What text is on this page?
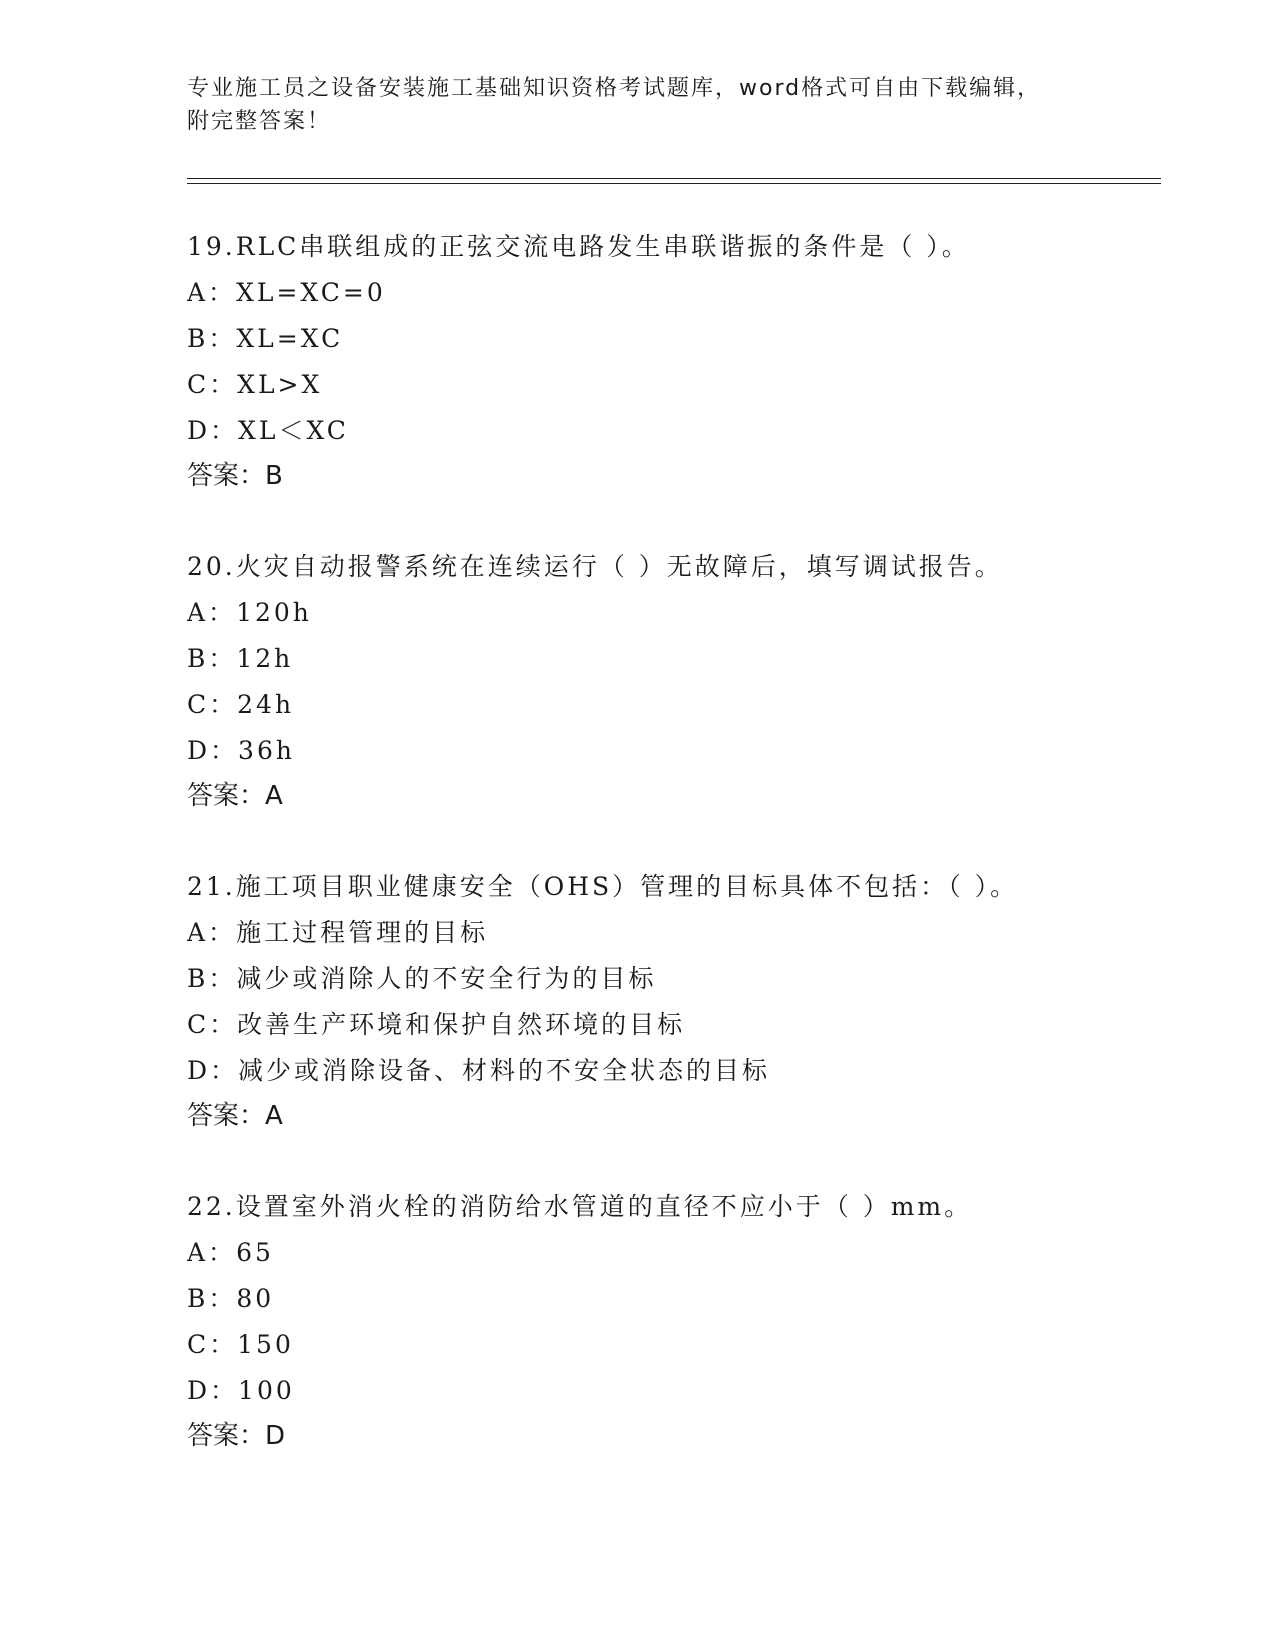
专业施工员之设备安装施工基础知识资格考试题库，word格式可自由下载编辑，
附完整答案！
19.RLC串联组成的正弦交流电路发生串联谐振的条件是（ ）。
A：XL=XC=0
B：XL=XC
C：XL>X
D：XL＜XC
答案：B
20.火灾自动报警系统在连续运行（ ）无故障后，填写调试报告。
A：120h
B：12h
C：24h
D：36h
答案：A
21.施工项目职业健康安全（OHS）管理的目标具体不包括：（ ）。
A：施工过程管理的目标
B：减少或消除人的不安全行为的目标
C：改善生产环境和保护自然环境的目标
D：减少或消除设备、材料的不安全状态的目标
答案：A
22.设置室外消火栓的消防给水管道的直径不应小于（ ）mm。
A：65
B：80
C：150
D：100
答案：D
